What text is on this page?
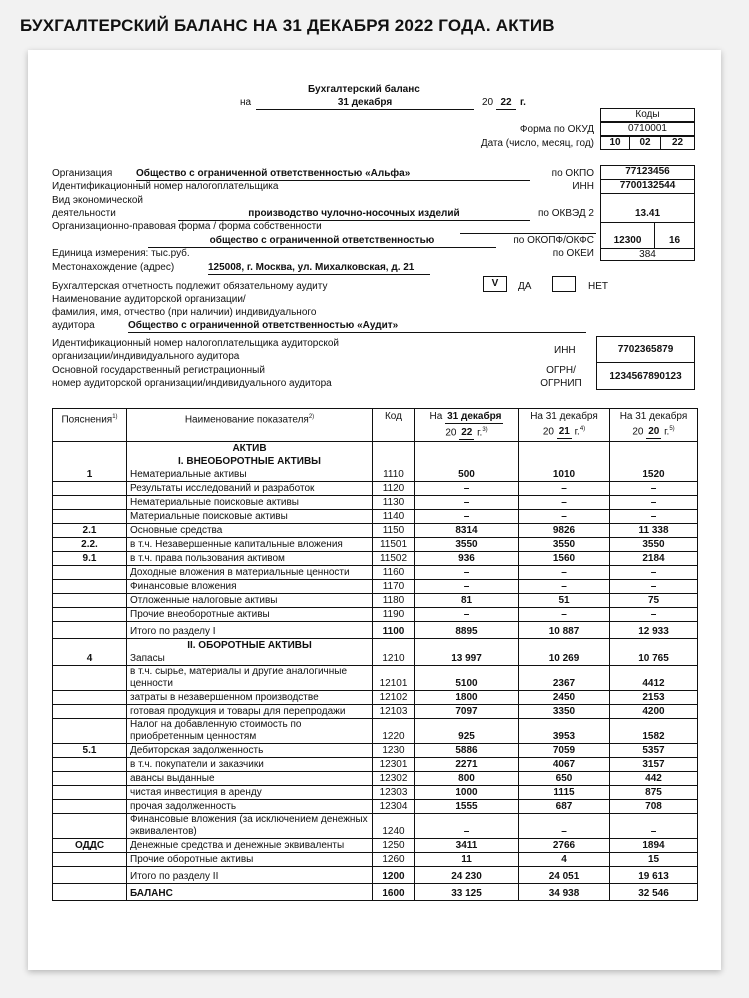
БУХГАЛТЕРСКИЙ БАЛАНС НА 31 ДЕКАБРЯ 2022 ГОДА. АКТИВ
Бухгалтерский баланс
на	31 декабря	20 22 г.
Коды
Форма по ОКУД	0710001
Дата (число, месяц, год)	10	02	22
Организация Общество с ограниченной ответственностью «Альфа»	по ОКПО	77123456
Идентификационный номер налогоплательщика	ИНН	7700132544
Вид экономической
деятельности	производство чулочно-носочных изделий	по ОКВЭД 2	13.41
Организационно-правовая форма / форма собственности
общество с ограниченной ответственностью	по ОКОПФ/ОКФС	12300	16
Единица измерения: тыс.руб.	по ОКЕИ	384
Местонахождение (адрес)	125008, г. Москва, ул. Михалковская, д. 21
Бухгалтерская отчетность подлежит обязательному аудиту	V	ДА	НЕТ
Наименование аудиторской организации/
фамилия, имя, отчество (при наличии) индивидуального
аудитора	Общество с ограниченной ответственностью «Аудит»
Идентификационный номер налогоплательщика аудиторской
организации/индивидуального аудитора
ИНН	7702365879
Основной государственный регистрационный
номер аудиторской организации/индивидуального аудитора
ОГРН/
ОГРНИП
1234567890123
Пояснения$^{1)}$	Наименование показателя$^{2)}$	Код	На 31 декабря
20 22 г.$^{3)}$	На 31 декабря
20 21 г.$^{4)}$	На 31 декабря
20 20 г.$^{5)}$
	АКТИВ				
	I. ВНЕОБОРОТНЫЕ АКТИВЫ				
1	Нематериальные активы	1110	500	1010	1520
	Результаты исследований и разработок	1120	–	–	–
	Нематериальные поисковые активы	1130	–	–	–
	Материальные поисковые активы	1140	–	–	–
2.1	Основные средства	1150	8314	9826	11 338
2.2.	в т.ч. Незавершенные капитальные вложения	11501	3550	3550	3550
9.1	в т.ч. права пользования активом	11502	936	1560	2184
	Доходные вложения в материальные ценности	1160	–	–	–
	Финансовые вложения	1170	–	–	–
	Отложенные налоговые активы	1180	81	51	75
	Прочие внеоборотные активы	1190	–	–	–
	Итого по разделу I	1100	8895	10 887	12 933
	II. ОБОРОТНЫЕ АКТИВЫ				
4	Запасы	1210	13 997	10 269	10 765
	в т.ч. сырье, материалы и другие аналогичные ценности	12101	5100	2367	4412
	затраты в незавершенном производстве	12102	1800	2450	2153
	готовая продукция и товары для перепродажи	12103	7097	3350	4200
	Налог на добавленную стоимость по приобретенным ценностям	1220	925	3953	1582
5.1	Дебиторская задолженность	1230	5886	7059	5357
	в т.ч. покупатели и заказчики	12301	2271	4067	3157
	авансы выданные	12302	800	650	442
	чистая инвестиция в аренду	12303	1000	1115	875
	прочая задолженность	12304	1555	687	708
	Финансовые вложения (за исключением денежных эквивалентов)	1240	–	–	–
ОДДС	Денежные средства и денежные эквиваленты	1250	3411	2766	1894
	Прочие оборотные активы	1260	11	4	15
	Итого по разделу II	1200	24 230	24 051	19 613
	БАЛАНС	1600	33 125	34 938	32 546
